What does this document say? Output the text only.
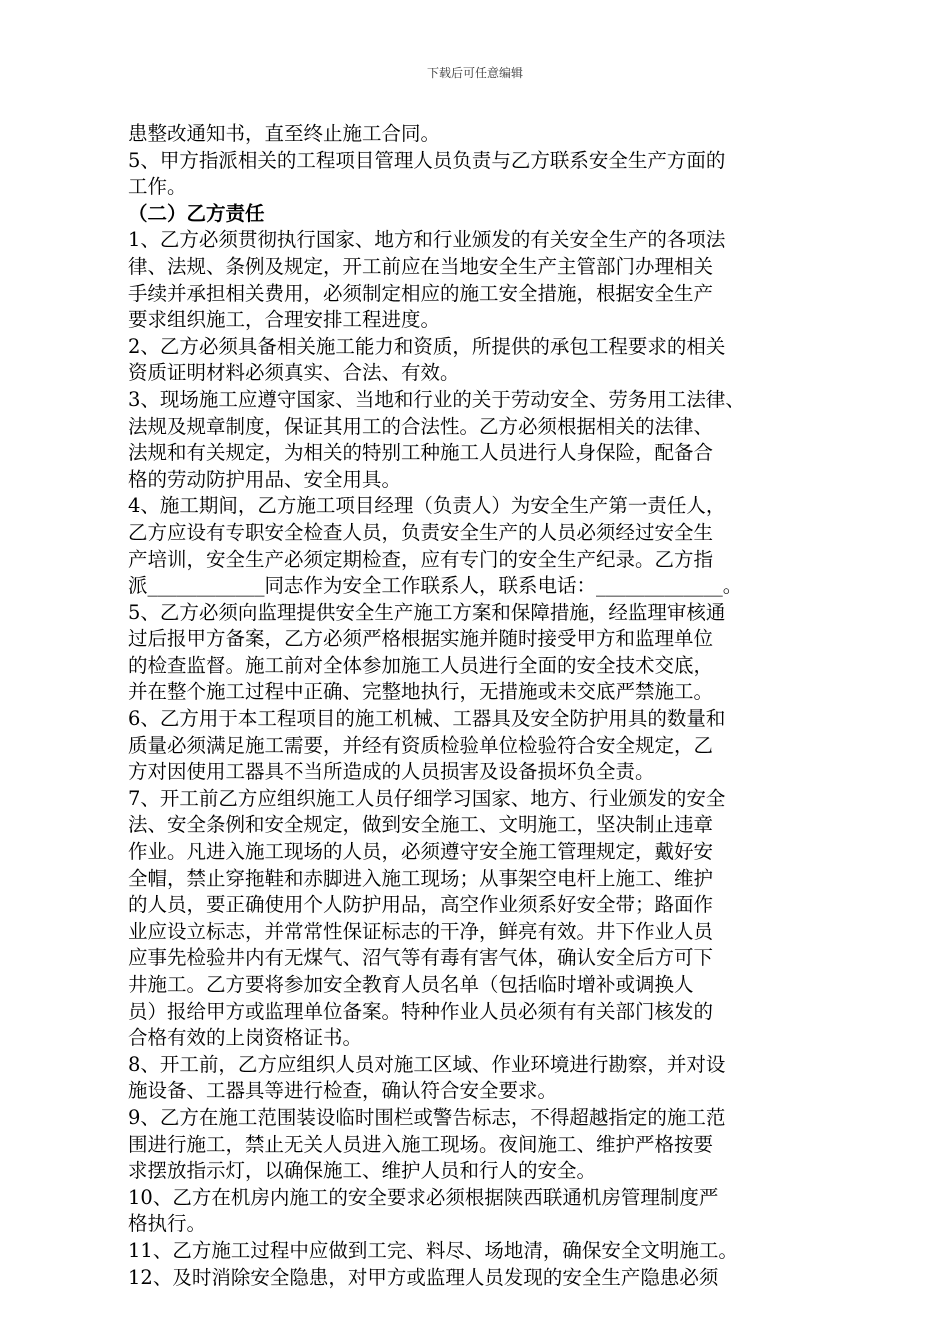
下载后可任意编辑
患整改通知书，直至终止施工合同。
5、甲方指派相关的工程项目管理人员负责与乙方联系安全生产方面的
工作。
（二）乙方责任
1、乙方必须贯彻执行国家、地方和行业颁发的有关安全生产的各项法
律、法规、条例及规定，开工前应在当地安全生产主管部门办理相关
手续并承担相关费用，必须制定相应的施工安全措施，根据安全生产
要求组织施工，合理安排工程进度。
2、乙方必须具备相关施工能力和资质，所提供的承包工程要求的相关
资质证明材料必须真实、合法、有效。
3、现场施工应遵守国家、当地和行业的关于劳动安全、劳务用工法律、
法规及规章制度，保证其用工的合法性。乙方必须根据相关的法律、
法规和有关规定，为相关的特别工种施工人员进行人身保险，配备合
格的劳动防护用品、安全用具。
4、施工期间，乙方施工项目经理（负责人）为安全生产第一责任人，
乙方应设有专职安全检查人员，负责安全生产的人员必须经过安全生
产培训，安全生产必须定期检查，应有专门的安全生产纪录。乙方指
派____________同志作为安全工作联系人，联系电话：_____________。
5、乙方必须向监理提供安全生产施工方案和保障措施，经监理审核通
过后报甲方备案，乙方必须严格根据实施并随时接受甲方和监理单位
的检查监督。施工前对全体参加施工人员进行全面的安全技术交底，
并在整个施工过程中正确、完整地执行，无措施或未交底严禁施工。
6、乙方用于本工程项目的施工机械、工器具及安全防护用具的数量和
质量必须满足施工需要，并经有资质检验单位检验符合安全规定，乙
方对因使用工器具不当所造成的人员损害及设备损坏负全责。
7、开工前乙方应组织施工人员仔细学习国家、地方、行业颁发的安全
法、安全条例和安全规定，做到安全施工、文明施工，坚决制止违章
作业。凡进入施工现场的人员，必须遵守安全施工管理规定，戴好安
全帽，禁止穿拖鞋和赤脚进入施工现场；从事架空电杆上施工、维护
的人员，要正确使用个人防护用品，高空作业须系好安全带；路面作
业应设立标志，并常常性保证标志的干净，鲜亮有效。井下作业人员
应事先检验井内有无煤气、沼气等有毒有害气体，确认安全后方可下
井施工。乙方要将参加安全教育人员名单（包括临时增补或调换人
员）报给甲方或监理单位备案。特种作业人员必须有有关部门核发的
合格有效的上岗资格证书。
8、开工前，乙方应组织人员对施工区域、作业环境进行勘察，并对设
施设备、工器具等进行检查，确认符合安全要求。
9、乙方在施工范围装设临时围栏或警告标志，不得超越指定的施工范
围进行施工，禁止无关人员进入施工现场。夜间施工、维护严格按要
求摆放指示灯，以确保施工、维护人员和行人的安全。
10、乙方在机房内施工的安全要求必须根据陕西联通机房管理制度严
格执行。
11、乙方施工过程中应做到工完、料尽、场地清，确保安全文明施工。
12、及时消除安全隐患，对甲方或监理人员发现的安全生产隐患必须
